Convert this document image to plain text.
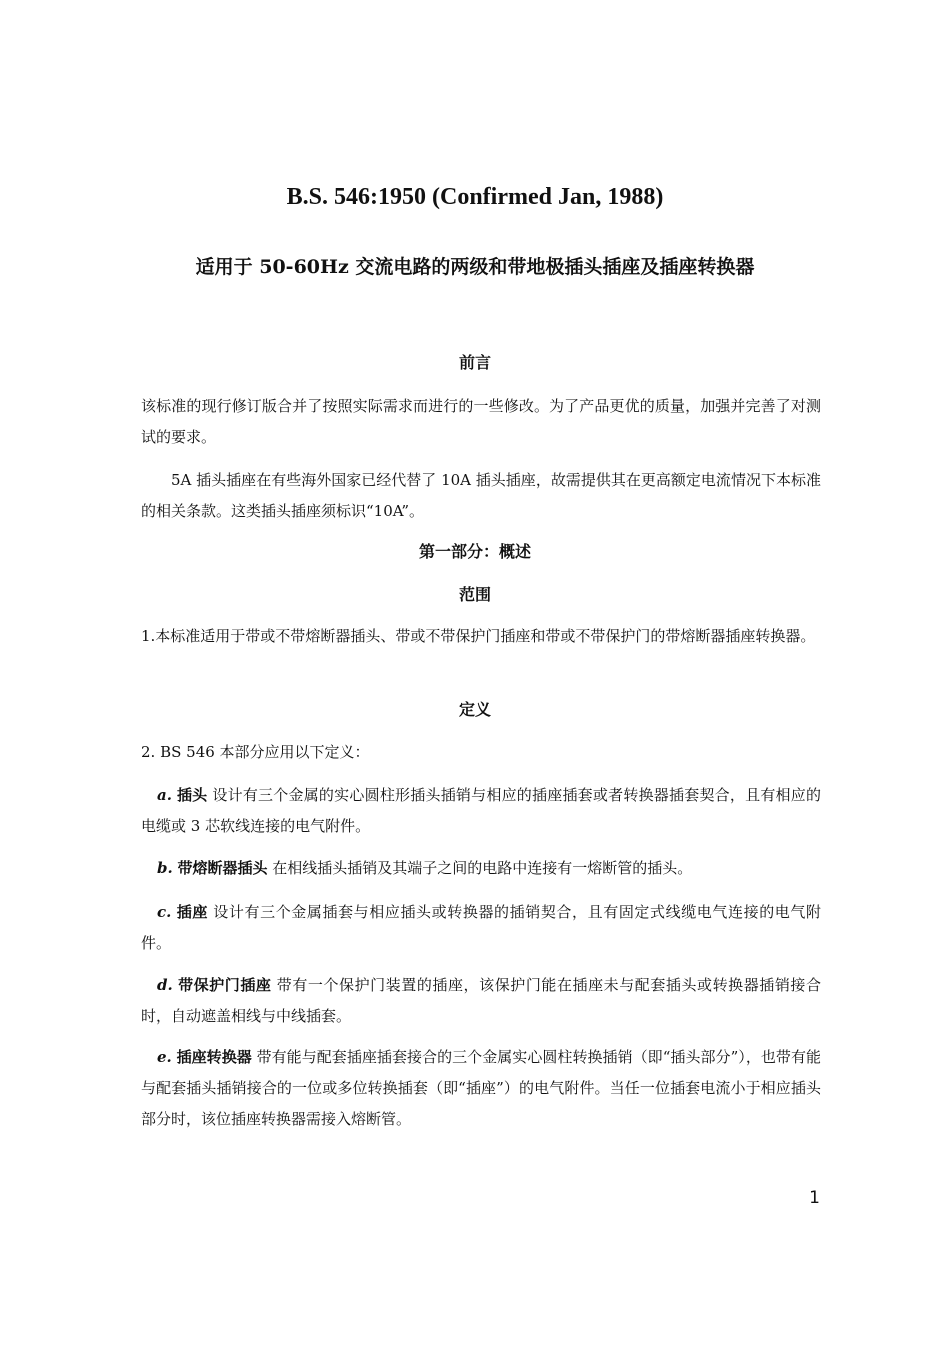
B.S. 546:1950 (Confirmed Jan, 1988)
适用于 50-60Hz 交流电路的两级和带地极插头插座及插座转换器
前言
该标准的现行修订版合并了按照实际需求而进行的一些修改。为了产品更优的质量，加强并完善了对测试的要求。
5A 插头插座在有些海外国家已经代替了 10A 插头插座，故需提供其在更高额定电流情况下本标准的相关条款。这类插头插座须标识“10A”。
第一部分：概述
范围
1.本标准适用于带或不带熔断器插头、带或不带保护门插座和带或不带保护门的带熔断器插座转换器。
定义
2. BS 546 本部分应用以下定义：
a. 插头 设计有三个金属的实心圆柱形插头插销与相应的插座插套或者转换器插套契合，且有相应的电缆或 3 芯软线连接的电气附件。
b. 带熔断器插头 在相线插头插销及其端子之间的电路中连接有一熔断管的插头。
c. 插座 设计有三个金属插套与相应插头或转换器的插销契合，且有固定式线缆电气连接的电气附件。
d. 带保护门插座 带有一个保护门装置的插座，该保护门能在插座未与配套插头或转换器插销接合时，自动遮盖相线与中线插套。
e. 插座转换器 带有能与配套插座插套接合的三个金属实心圆柱转换插销（即“插头部分”），也带有能与配套插头插销接合的一位或多位转换插套（即“插座”）的电气附件。当任一位插套电流小于相应插头部分时，该位插座转换器需接入熔断管。
1
